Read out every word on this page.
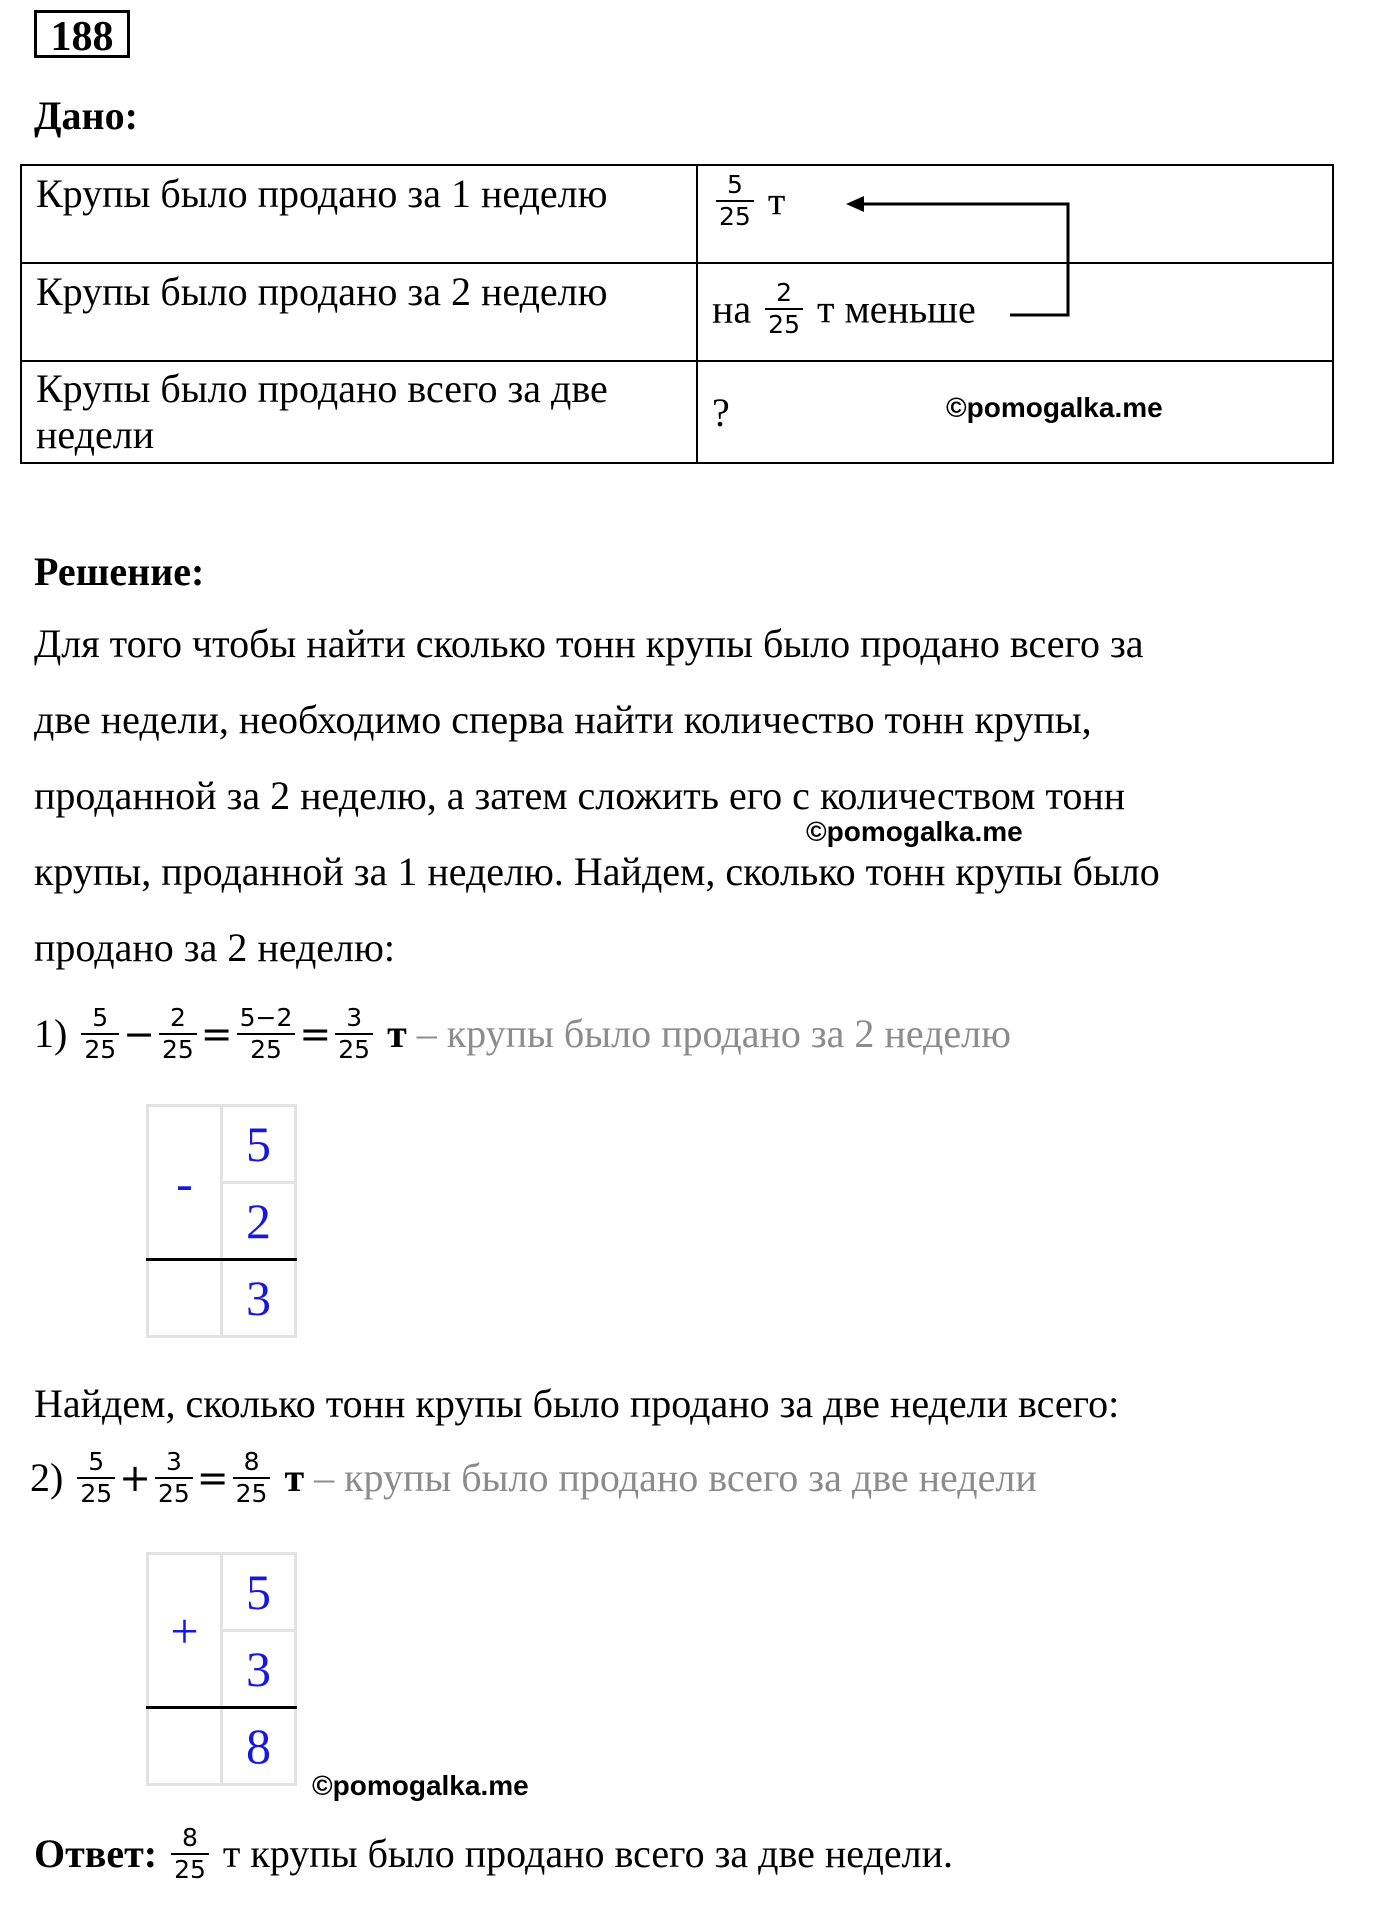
188
Дано:
Крупы было продано за 1 неделю	$\frac{5}{25}$ т
Крупы было продано за 2 неделю	на $\frac{2}{25}$ т меньше
Крупы было продано всего за две
недели	?	©pomogalka.me
Решение:
Для того чтобы найти сколько тонн крупы было продано всего за
две недели, необходимо сперва найти количество тонн крупы,
проданной за 2 неделю, а затем сложить его с количеством тонн
©pomogalka.me
крупы, проданной за 1 неделю. Найдем, сколько тонн крупы было
продано за 2 неделю:
$1) \frac{5}{25} - \frac{2}{25} = \frac{5-2}{25} = \frac{3}{25}$ т – крупы было продано за 2 неделю
-	5
	2
	3
Найдем, сколько тонн крупы было продано за две недели всего:
$2) \frac{5}{25} + \frac{3}{25} = \frac{8}{25}$ т – крупы было продано всего за две недели
+	5
	3
	8
©pomogalka.me
Ответ: $\frac{8}{25}$ т крупы было продано всего за две недели.
